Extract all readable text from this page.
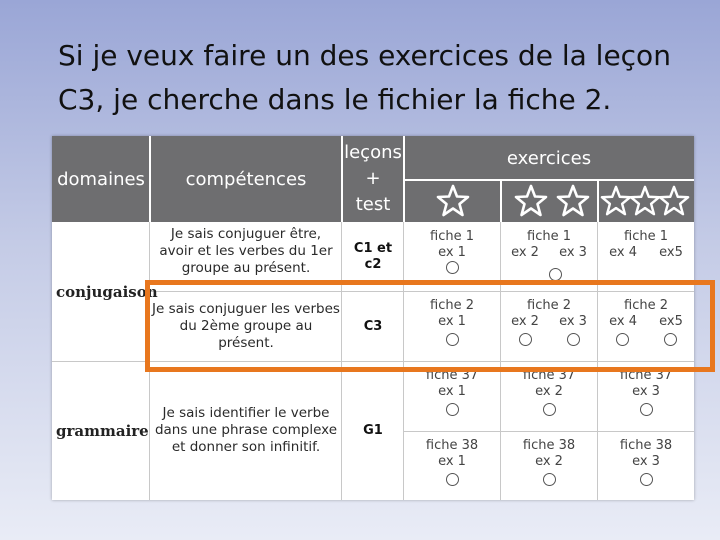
Si je veux faire un des exercices de la leçon C3, je cherche dans le fichier la fiche 2.
domaines compétences
leçons
+
test
exercices
conjugaison
grammaire
Je sais conjuguer être, avoir et les verbes du 1er groupe au présent.
Je sais conjuguer les verbes du 2ème groupe au présent.
Je sais identifier le verbe dans une phrase complexe et donner son infinitif.
C1 et
c2
C3
G1
fiche 1
ex 1
fiche 1
ex 2 ex 3
fiche 1
ex 4 ex5
fiche 2
ex 1
fiche 2
ex 2 ex 3
fiche 2
ex 4 ex5
fiche 37
ex 1
fiche 37
ex 2
fiche 37
ex 3
fiche 38
ex 1
fiche 38
ex 2
fiche 38
ex 3
